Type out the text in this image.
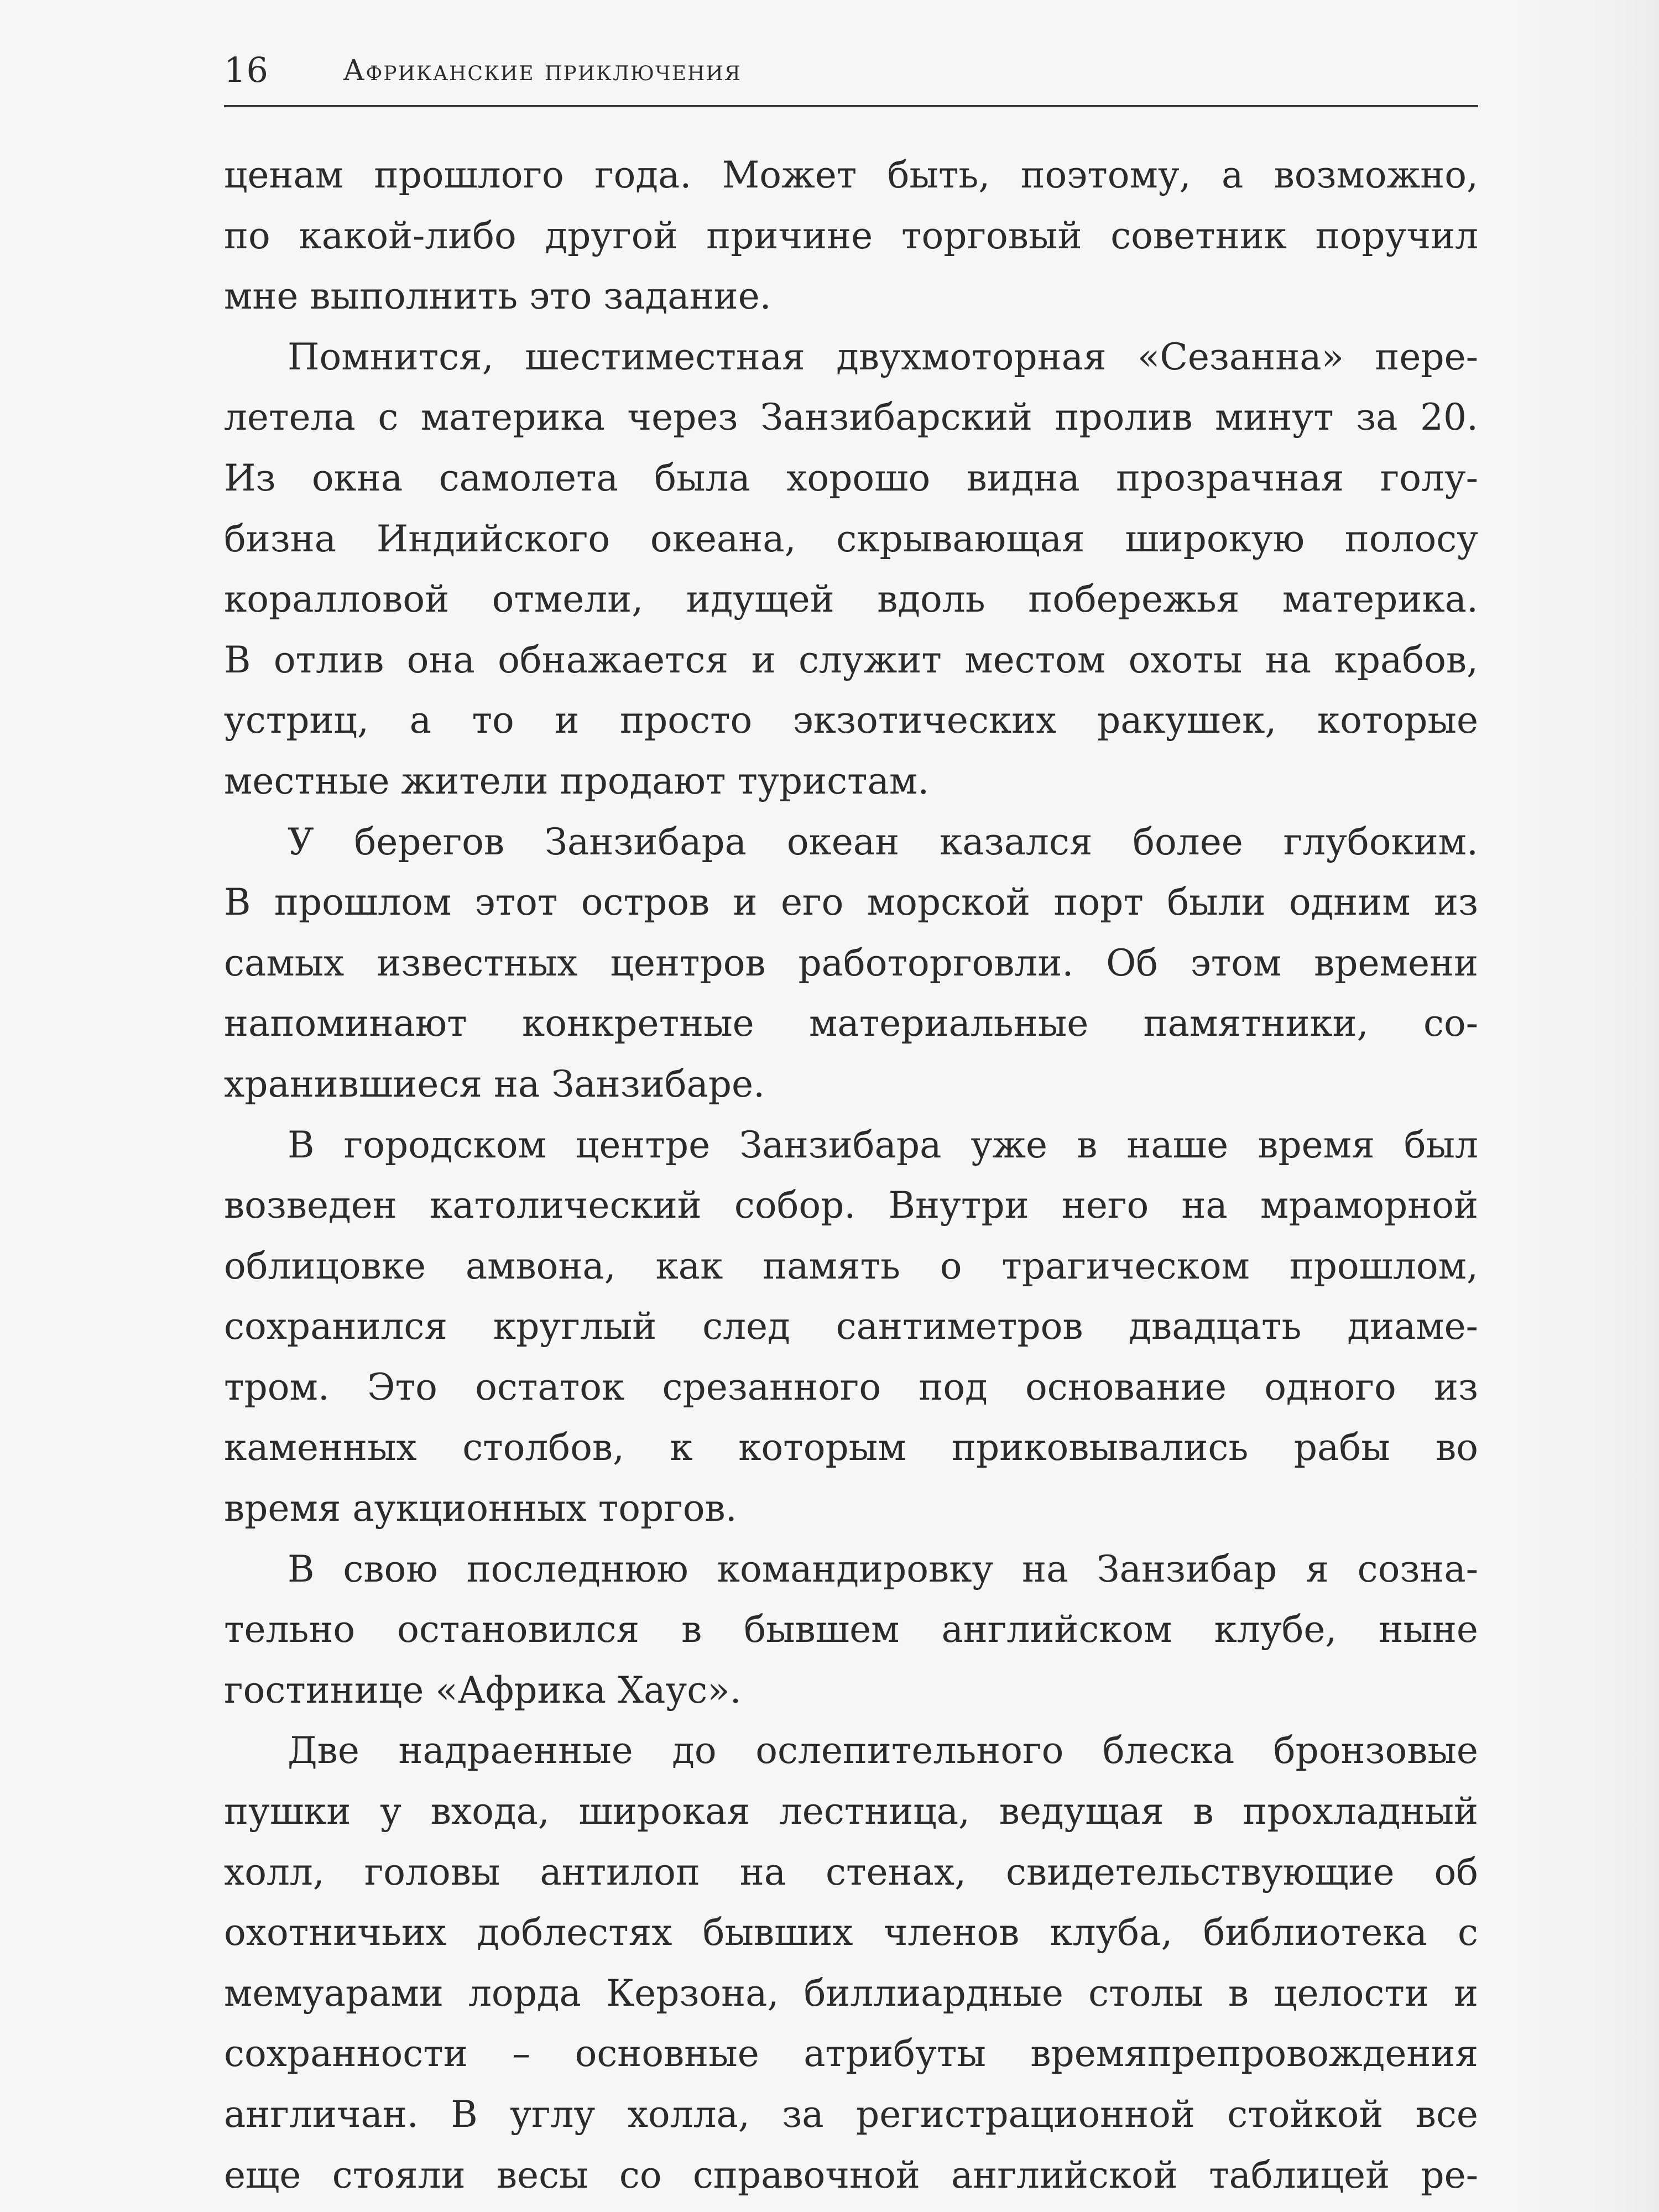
16	Африканские приключения
ценам прошлого года. Может быть, поэтому, а возможно,
по какой-либо другой причине торговый советник поручил
мне выполнить это задание.
Помнится, шестиместная двухмоторная «Сезанна» пере-
летела с материка через Занзибарский пролив минут за 20.
Из окна самолета была хорошо видна прозрачная голу-
бизна Индийского океана, скрывающая широкую полосу
коралловой отмели, идущей вдоль побережья материка.
В отлив она обнажается и служит местом охоты на крабов,
устриц, а то и просто экзотических ракушек, которые
местные жители продают туристам.
У берегов Занзибара океан казался более глубоким.
В прошлом этот остров и его морской порт были одним из
самых известных центров работорговли. Об этом времени
напоминают конкретные материальные памятники, со-
хранившиеся на Занзибаре.
В городском центре Занзибара уже в наше время был
возведен католический собор. Внутри него на мраморной
облицовке амвона, как память о трагическом прошлом,
сохранился круглый след сантиметров двадцать диаме-
тром. Это остаток срезанного под основание одного из
каменных столбов, к которым приковывались рабы во
время аукционных торгов.
В свою последнюю командировку на Занзибар я созна-
тельно остановился в бывшем английском клубе, ныне
гостинице «Африка Хаус».
Две надраенные до ослепительного блеска бронзовые
пушки у входа, широкая лестница, ведущая в прохладный
холл, головы антилоп на стенах, свидетельствующие об
охотничьих доблестях бывших членов клуба, библиотека с
мемуарами лорда Керзона, биллиардные столы в целости и
сохранности – основные атрибуты времяпрепровождения
англичан. В углу холла, за регистрационной стойкой все
еще стояли весы со справочной английской таблицей ре-
